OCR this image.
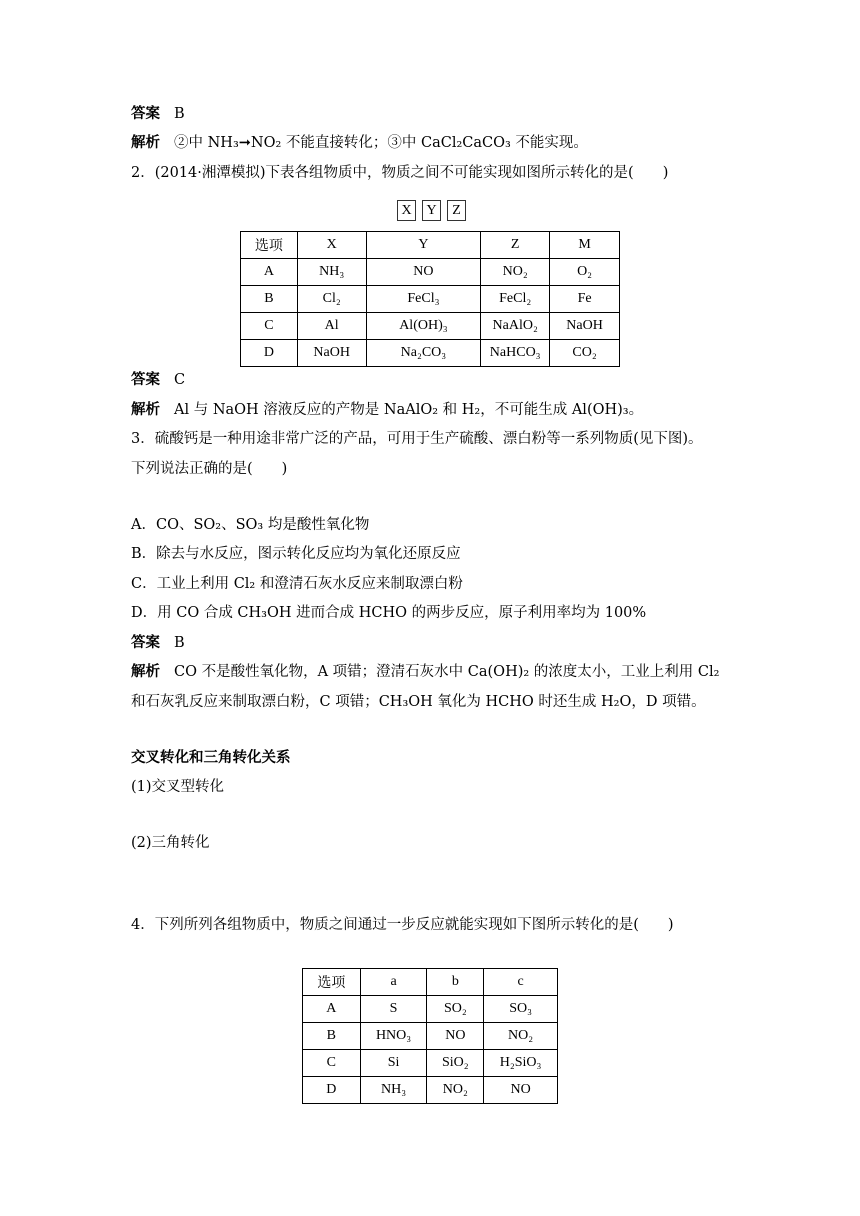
答案 B
解析 ②中 NH₃➞NO₂ 不能直接转化；③中 CaCl₂CaCO₃ 不能实现。
2．(2014·湘潭模拟)下表各组物质中，物质之间不可能实现如图所示转化的是(　　)
X	Y	Z
选项	X	Y	Z	M
A	NH₃	NO	NO₂	O₂
B	Cl₂	FeCl₃	FeCl₂	Fe
C	Al	Al(OH)₃	NaAlO₂	NaOH
D	NaOH	Na₂CO₃	NaHCO₃	CO₂
答案 C
解析 Al 与 NaOH 溶液反应的产物是 NaAlO₂ 和 H₂，不可能生成 Al(OH)₃。
3．硫酸钙是一种用途非常广泛的产品，可用于生产硫酸、漂白粉等一系列物质(见下图)。
下列说法正确的是(　　)
A．CO、SO₂、SO₃ 均是酸性氧化物
B．除去与水反应，图示转化反应均为氧化还原反应
C．工业上利用 Cl₂ 和澄清石灰水反应来制取漂白粉
D．用 CO 合成 CH₃OH 进而合成 HCHO 的两步反应，原子利用率均为 100%
答案 B
解析 CO 不是酸性氧化物，A 项错；澄清石灰水中 Ca(OH)₂ 的浓度太小，工业上利用 Cl₂
和石灰乳反应来制取漂白粉，C 项错；CH₃OH 氧化为 HCHO 时还生成 H₂O，D 项错。
交叉转化和三角转化关系
(1)交叉型转化
(2)三角转化
4．下列所列各组物质中，物质之间通过一步反应就能实现如下图所示转化的是(　　)
选项	a	b	c
A	S	SO₂	SO₃
B	HNO₃	NO	NO₂
C	Si	SiO₂	H₂SiO₃
D	NH₃	NO₂	NO
